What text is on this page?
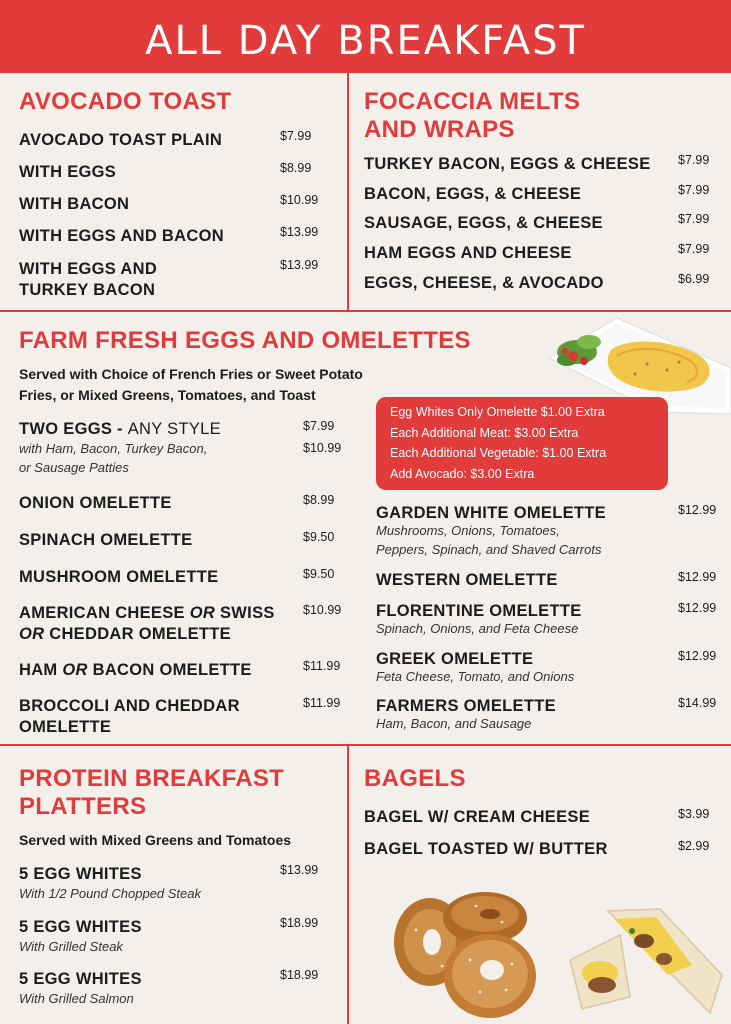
ALL DAY BREAKFAST
AVOCADO TOAST
AVOCADO TOAST PLAIN	$7.99
WITH EGGS	$8.99
WITH BACON	$10.99
WITH EGGS AND BACON	$13.99
WITH EGGS AND
TURKEY BACON
$13.99
FOCACCIA MELTS
AND WRAPS
TURKEY BACON, EGGS & CHEESE $7.99
BACON, EGGS, & CHEESE	$7.99
SAUSAGE, EGGS, & CHEESE	$7.99
HAM EGGS AND CHEESE	$7.99
EGGS, CHEESE, & AVOCADO	$6.99
FARM FRESH EGGS AND OMELETTES
Served with Choice of French Fries or Sweet Potato
Fries, or Mixed Greens, Tomatoes, and Toast
TWO EGGS - ANY STYLE	$7.99
with Ham, Bacon, Turkey Bacon,
or Sausage Patties
$10.99
ONION OMELETTE	$8.99
SPINACH OMELETTE	$9.50
MUSHROOM OMELETTE	$9.50
AMERICAN CHEESE OR SWISS
OR CHEDDAR OMELETTE
$10.99
HAM OR BACON OMELETTE	$11.99
BROCCOLI AND CHEDDAR
OMELETTE
$11.99
Egg Whites Only Omelette $1.00 Extra
Each Additional Meat: $3.00 Extra
Each Additional Vegetable: $1.00 Extra
Add Avocado: $3.00 Extra
GARDEN WHITE OMELETTE	$12.99
Mushrooms, Onions, Tomatoes,
Peppers, Spinach, and Shaved Carrots
WESTERN OMELETTE	$12.99
FLORENTINE OMELETTE	$12.99
Spinach, Onions, and Feta Cheese
GREEK OMELETTE	$12.99
Feta Cheese, Tomato, and Onions
FARMERS OMELETTE	$14.99
Ham, Bacon, and Sausage
PROTEIN BREAKFAST
PLATTERS
Served with Mixed Greens and Tomatoes
5 EGG WHITES	$13.99
With 1/2 Pound Chopped Steak
5 EGG WHITES	$18.99
With Grilled Steak
5 EGG WHITES	$18.99
With Grilled Salmon
BAGELS
BAGEL W/ CREAM CHEESE	$3.99
BAGEL TOASTED W/ BUTTER	$2.99
